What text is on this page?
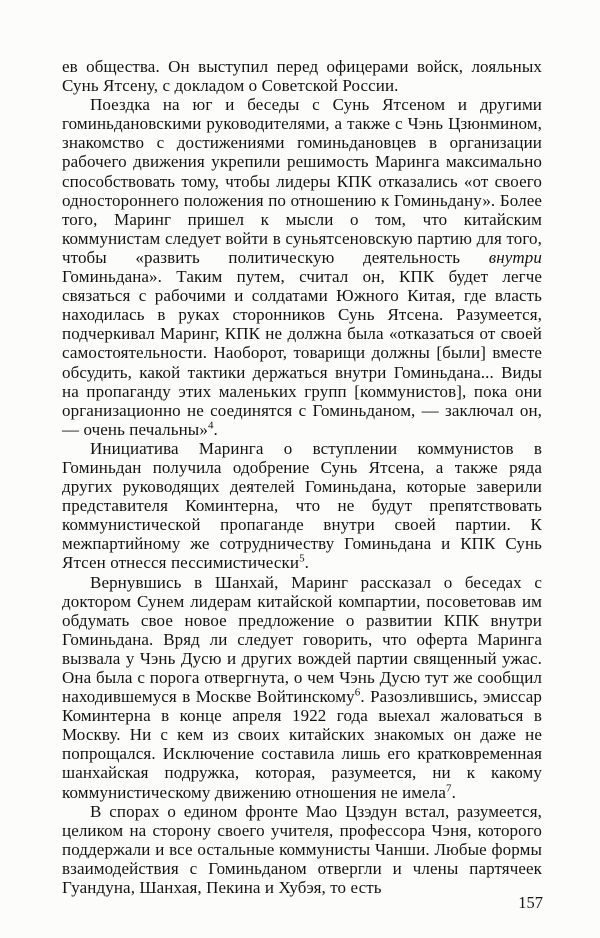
ев общества. Он выступил перед офицерами войск, лояльных Сунь Ятсену, с докладом о Советской России.

Поездка на юг и беседы с Сунь Ятсеном и другими гоминьдановскими руководителями, а также с Чэнь Цзюнмином, знакомство с достижениями гоминьдановцев в организации рабочего движения укрепили решимость Маринга максимально способствовать тому, чтобы лидеры КПК отказались «от своего одностороннего положения по отношению к Гоминьдану». Более того, Маринг пришел к мысли о том, что китайским коммунистам следует войти в суньятсеновскую партию для того, чтобы «развить политическую деятельность внутри Гоминьдана». Таким путем, считал он, КПК будет легче связаться с рабочими и солдатами Южного Китая, где власть находилась в руках сторонников Сунь Ятсена. Разумеется, подчеркивал Маринг, КПК не должна была «отказаться от своей самостоятельности. Наоборот, товарищи должны [были] вместе обсудить, какой тактики держаться внутри Гоминьдана... Виды на пропаганду этих маленьких групп [коммунистов], пока они организационно не соединятся с Гоминьданом, — заключал он, — очень печальны»$^4$.

Инициатива Маринга о вступлении коммунистов в Гоминьдан получила одобрение Сунь Ятсена, а также ряда других руководящих деятелей Гоминьдана, которые заверили представителя Коминтерна, что не будут препятствовать коммунистической пропаганде внутри своей партии. К межпартийному же сотрудничеству Гоминьдана и КПК Сунь Ятсен отнесся пессимистически$^5$.

Вернувшись в Шанхай, Маринг рассказал о беседах с доктором Сунем лидерам китайской компартии, посоветовав им обдумать свое новое предложение о развитии КПК внутри Гоминьдана. Вряд ли следует говорить, что оферта Маринга вызвала у Чэнь Дусю и других вождей партии священный ужас. Она была с порога отвергнута, о чем Чэнь Дусю тут же сообщил находившемуся в Москве Войтинскому$^6$. Разозлившись, эмиссар Коминтерна в конце апреля 1922 года выехал жаловаться в Москву. Ни с кем из своих китайских знакомых он даже не попрощался. Исключение составила лишь его кратковременная шанхайская подружка, которая, разумеется, ни к какому коммунистическому движению отношения не имела$^7$.

В спорах о едином фронте Мао Цзэдун встал, разумеется, целиком на сторону своего учителя, профессора Чэня, которого поддержали и все остальные коммунисты Чанши. Любые формы взаимодействия с Гоминьданом отвергли и члены партячеек Гуандуна, Шанхая, Пекина и Хубэя, то есть

157
